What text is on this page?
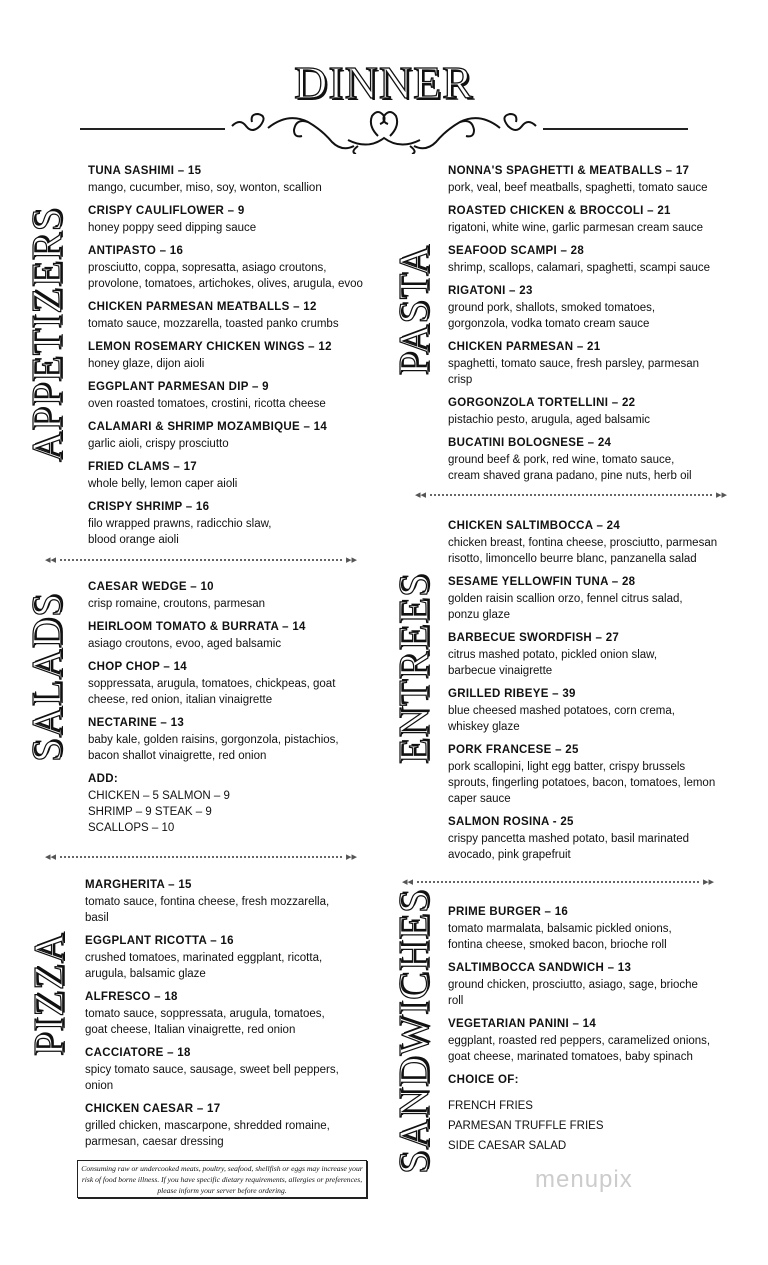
DINNER
APPETIZERS
TUNA SASHIMI – 15
mango, cucumber, miso, soy, wonton, scallion
CRISPY CAULIFLOWER – 9
honey poppy seed dipping sauce
ANTIPASTO – 16
prosciutto, coppa, sopresatta, asiago croutons,
provolone, tomatoes, artichokes, olives, arugula, evoo
CHICKEN PARMESAN MEATBALLS – 12
tomato sauce, mozzarella, toasted panko crumbs
LEMON ROSEMARY CHICKEN WINGS – 12
honey glaze, dijon aioli
EGGPLANT PARMESAN DIP – 9
oven roasted tomatoes, crostini, ricotta cheese
CALAMARI & SHRIMP MOZAMBIQUE – 14
garlic aioli, crispy prosciutto
FRIED CLAMS – 17
whole belly, lemon caper aioli
CRISPY SHRIMP – 16
filo wrapped prawns, radicchio slaw,
blood orange aioli
◂◂	▸▸
SALADS
CAESAR WEDGE – 10
crisp romaine, croutons, parmesan
HEIRLOOM TOMATO & BURRATA – 14
asiago croutons, evoo, aged balsamic
CHOP CHOP – 14
soppressata, arugula, tomatoes, chickpeas, goat
cheese, red onion, italian vinaigrette
NECTARINE – 13
baby kale, golden raisins, gorgonzola, pistachios,
bacon shallot vinaigrette, red onion
ADD:
CHICKEN – 5 SALMON – 9
SHRIMP – 9 STEAK – 9
SCALLOPS – 10
◂◂	▸▸
PIZZA
MARGHERITA – 15
tomato sauce, fontina cheese, fresh mozzarella,
basil
EGGPLANT RICOTTA – 16
crushed tomatoes, marinated eggplant, ricotta,
arugula, balsamic glaze
ALFRESCO – 18
tomato sauce, soppressata, arugula, tomatoes,
goat cheese, Italian vinaigrette, red onion
CACCIATORE – 18
spicy tomato sauce, sausage, sweet bell peppers,
onion
CHICKEN CAESAR – 17
grilled chicken, mascarpone, shredded romaine,
parmesan, caesar dressing
Consuming raw or undercooked meats, poultry, seafood, shellfish or eggs may increase your risk of food borne illness. If you have specific dietary requirements, allergies or preferences, please inform your server before ordering.
PASTA
NONNA'S SPAGHETTI & MEATBALLS – 17
pork, veal, beef meatballs, spaghetti, tomato sauce
ROASTED CHICKEN & BROCCOLI – 21
rigatoni, white wine, garlic parmesan cream sauce
SEAFOOD SCAMPI – 28
shrimp, scallops, calamari, spaghetti, scampi sauce
RIGATONI – 23
ground pork, shallots, smoked tomatoes,
gorgonzola, vodka tomato cream sauce
CHICKEN PARMESAN – 21
spaghetti, tomato sauce, fresh parsley, parmesan
crisp
GORGONZOLA TORTELLINI – 22
pistachio pesto, arugula, aged balsamic
BUCATINI BOLOGNESE – 24
ground beef & pork, red wine, tomato sauce,
cream shaved grana padano, pine nuts, herb oil
◂◂	▸▸
ENTREES
CHICKEN SALTIMBOCCA – 24
chicken breast, fontina cheese, prosciutto, parmesan
risotto, limoncello beurre blanc, panzanella salad
SESAME YELLOWFIN TUNA – 28
golden raisin scallion orzo, fennel citrus salad,
ponzu glaze
BARBECUE SWORDFISH – 27
citrus mashed potato, pickled onion slaw,
barbecue vinaigrette
GRILLED RIBEYE – 39
blue cheesed mashed potatoes, corn crema,
whiskey glaze
PORK FRANCESE – 25
pork scallopini, light egg batter, crispy brussels
sprouts, fingerling potatoes, bacon, tomatoes, lemon
caper sauce
SALMON ROSINA - 25
crispy pancetta mashed potato, basil marinated
avocado, pink grapefruit
◂◂	▸▸
SANDWICHES PRIME BURGER – 16
tomato marmalata, balsamic pickled onions,
fontina cheese, smoked bacon, brioche roll
SALTIMBOCCA SANDWICH – 13
ground chicken, prosciutto, asiago, sage, brioche
roll
VEGETARIAN PANINI – 14
eggplant, roasted red peppers, caramelized onions,
goat cheese, marinated tomatoes, baby spinach
CHOICE OF:
FRENCH FRIES
PARMESAN TRUFFLE FRIES
SIDE CAESAR SALAD
menupix
